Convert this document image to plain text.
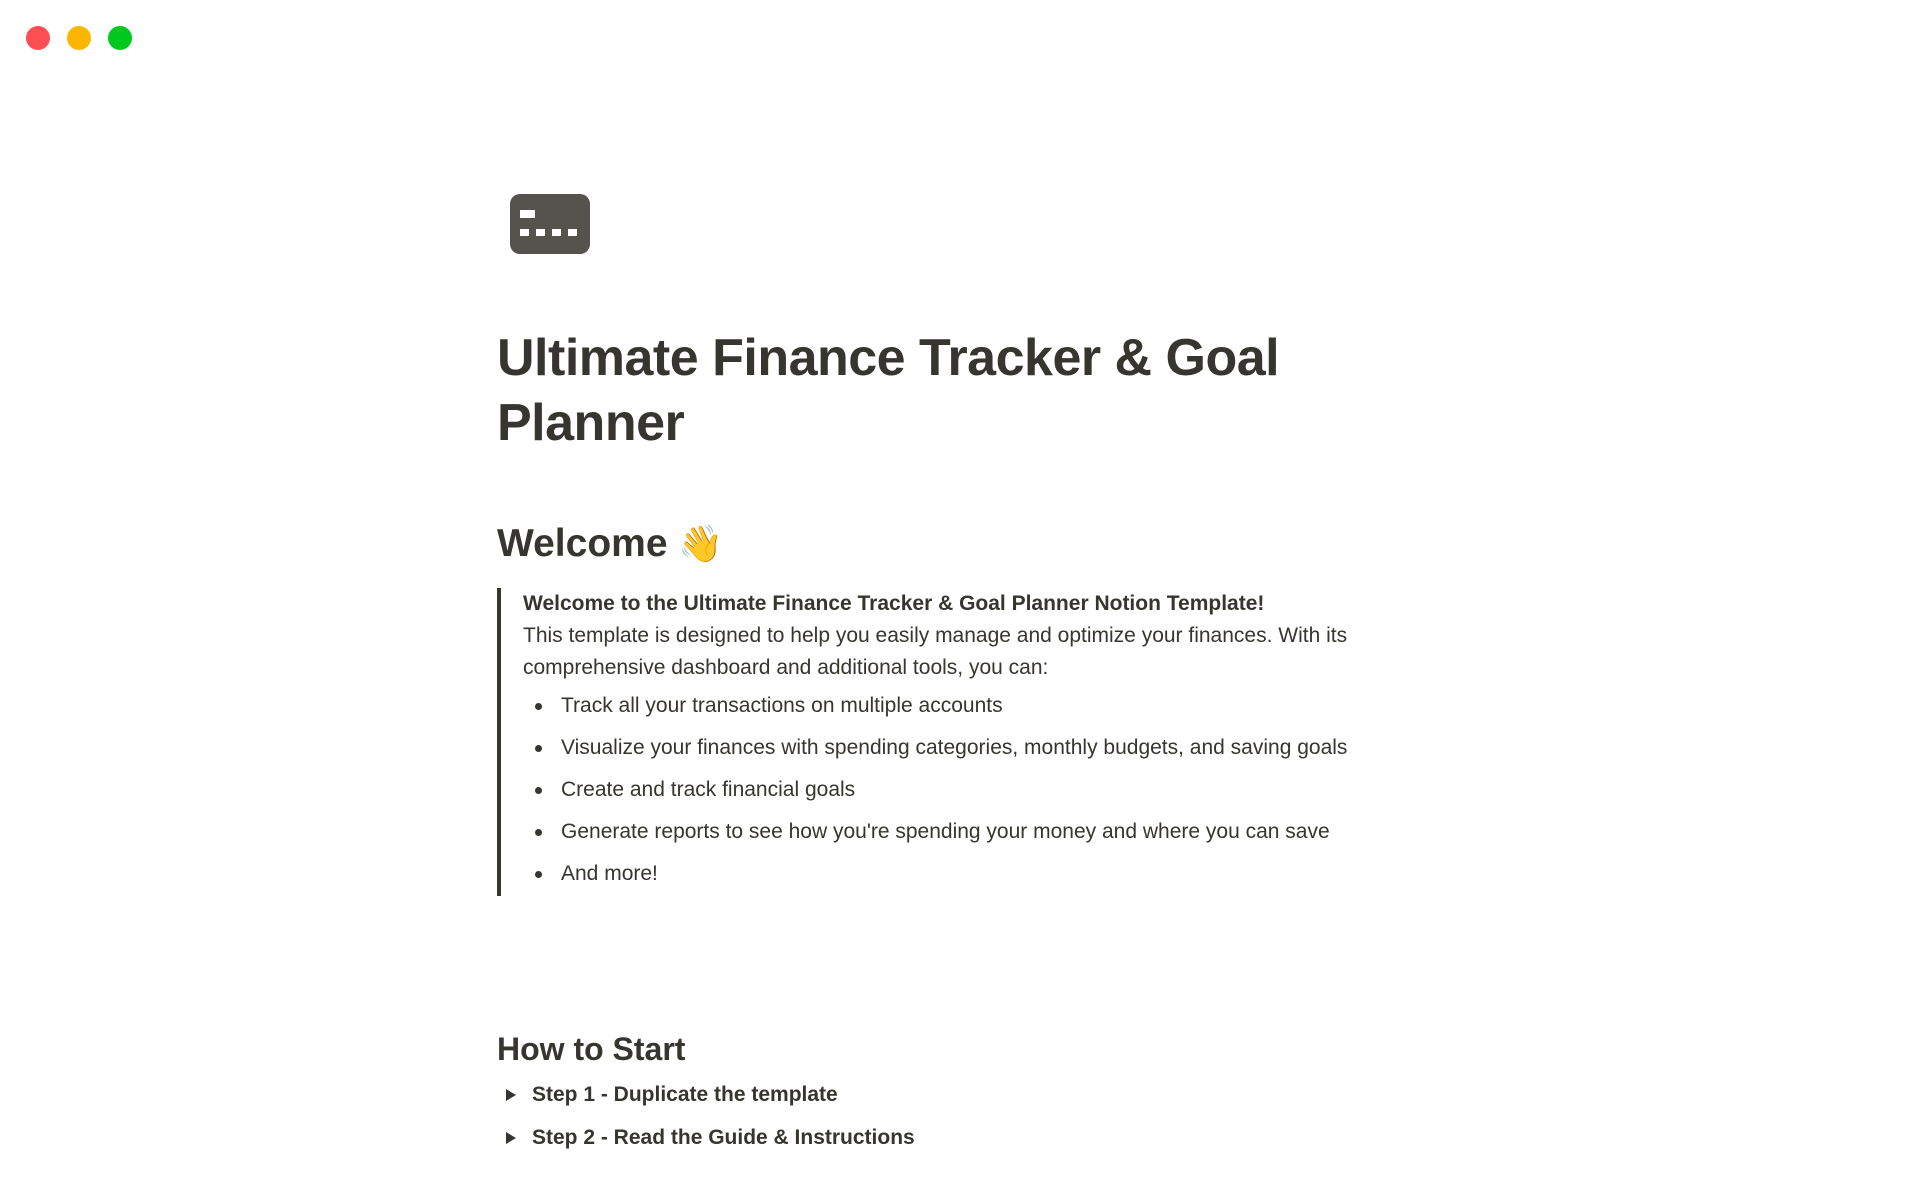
Ultimate Finance Tracker & Goal Planner
Welcome 👋

Welcome to the Ultimate Finance Tracker & Goal Planner Notion Template!

This template is designed to help you easily manage and optimize your finances. With its comprehensive dashboard and additional tools, you can:

Track all your transactions on multiple accounts
Visualize your finances with spending categories, monthly budgets, and saving goals
Create and track financial goals
Generate reports to see how you're spending your money and where you can save
And more!
How to Start
Step 1 - Duplicate the template
Step 2 - Read the Guide & Instructions
